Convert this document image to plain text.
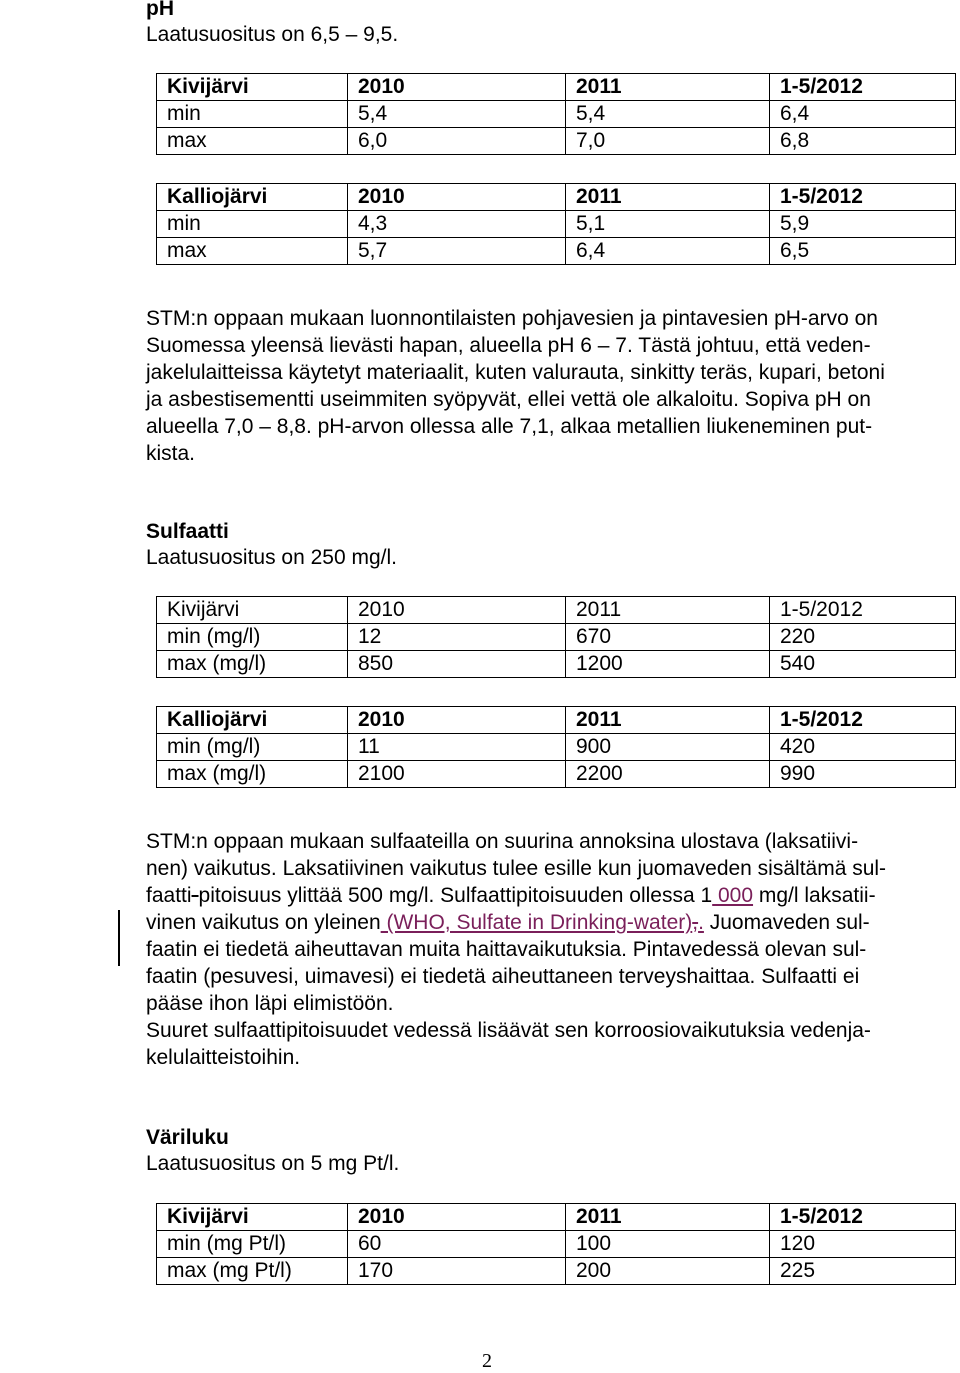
pH
Laatusuositus on 6,5 – 9,5.
Kivijärvi	2010	2011	1-5/2012
min	5,4	5,4	6,4
max	6,0	7,0	6,8
Kalliojärvi	2010	2011	1-5/2012
min	4,3	5,1	5,9
max	5,7	6,4	6,5
STM:n oppaan mukaan luonnontilaisten pohjavesien ja pintavesien pH-arvo on
Suomessa yleensä lievästi hapan, alueella pH 6 – 7. Tästä johtuu, että veden-
jakelulaitteissa käytetyt materiaalit, kuten valurauta, sinkitty teräs, kupari, betoni
ja asbestisementti useimmiten syöpyvät, ellei vettä ole alkaloitu. Sopiva pH on
alueella 7,0 – 8,8. pH-arvon ollessa alle 7,1, alkaa metallien liukeneminen put-
kista.
Sulfaatti
Laatusuositus on 250 mg/l.
Kivijärvi	2010	2011	1-5/2012
min (mg/l)	12	670	220
max (mg/l)	850	1200	540
Kalliojärvi	2010	2011	1-5/2012
min (mg/l)	11	900	420
max (mg/l)	2100	2200	990
STM:n oppaan mukaan sulfaateilla on suurina annoksina ulostava (laksatiivi-
nen) vaikutus. Laksatiivinen vaikutus tulee esille kun juomaveden sisältämä sul-
faatti-pitoisuus ylittää 500 mg/l. Sulfaattipitoisuuden ollessa 1 000 mg/l laksatii-
vinen vaikutus on yleinen (WHO, Sulfate in Drinking-water),. Juomaveden sul-
faatin ei tiedetä aiheuttavan muita haittavaikutuksia. Pintavedessä olevan sul-
faatin (pesuvesi, uimavesi) ei tiedetä aiheuttaneen terveyshaittaa. Sulfaatti ei
pääse ihon läpi elimistöön.
Suuret sulfaattipitoisuudet vedessä lisäävät sen korroosiovaikutuksia vedenja-
kelulaitteistoihin.
Väriluku
Laatusuositus on 5 mg Pt/l.
Kivijärvi	2010	2011	1-5/2012
min (mg Pt/l)	60	100	120
max (mg Pt/l)	170	200	225
2
